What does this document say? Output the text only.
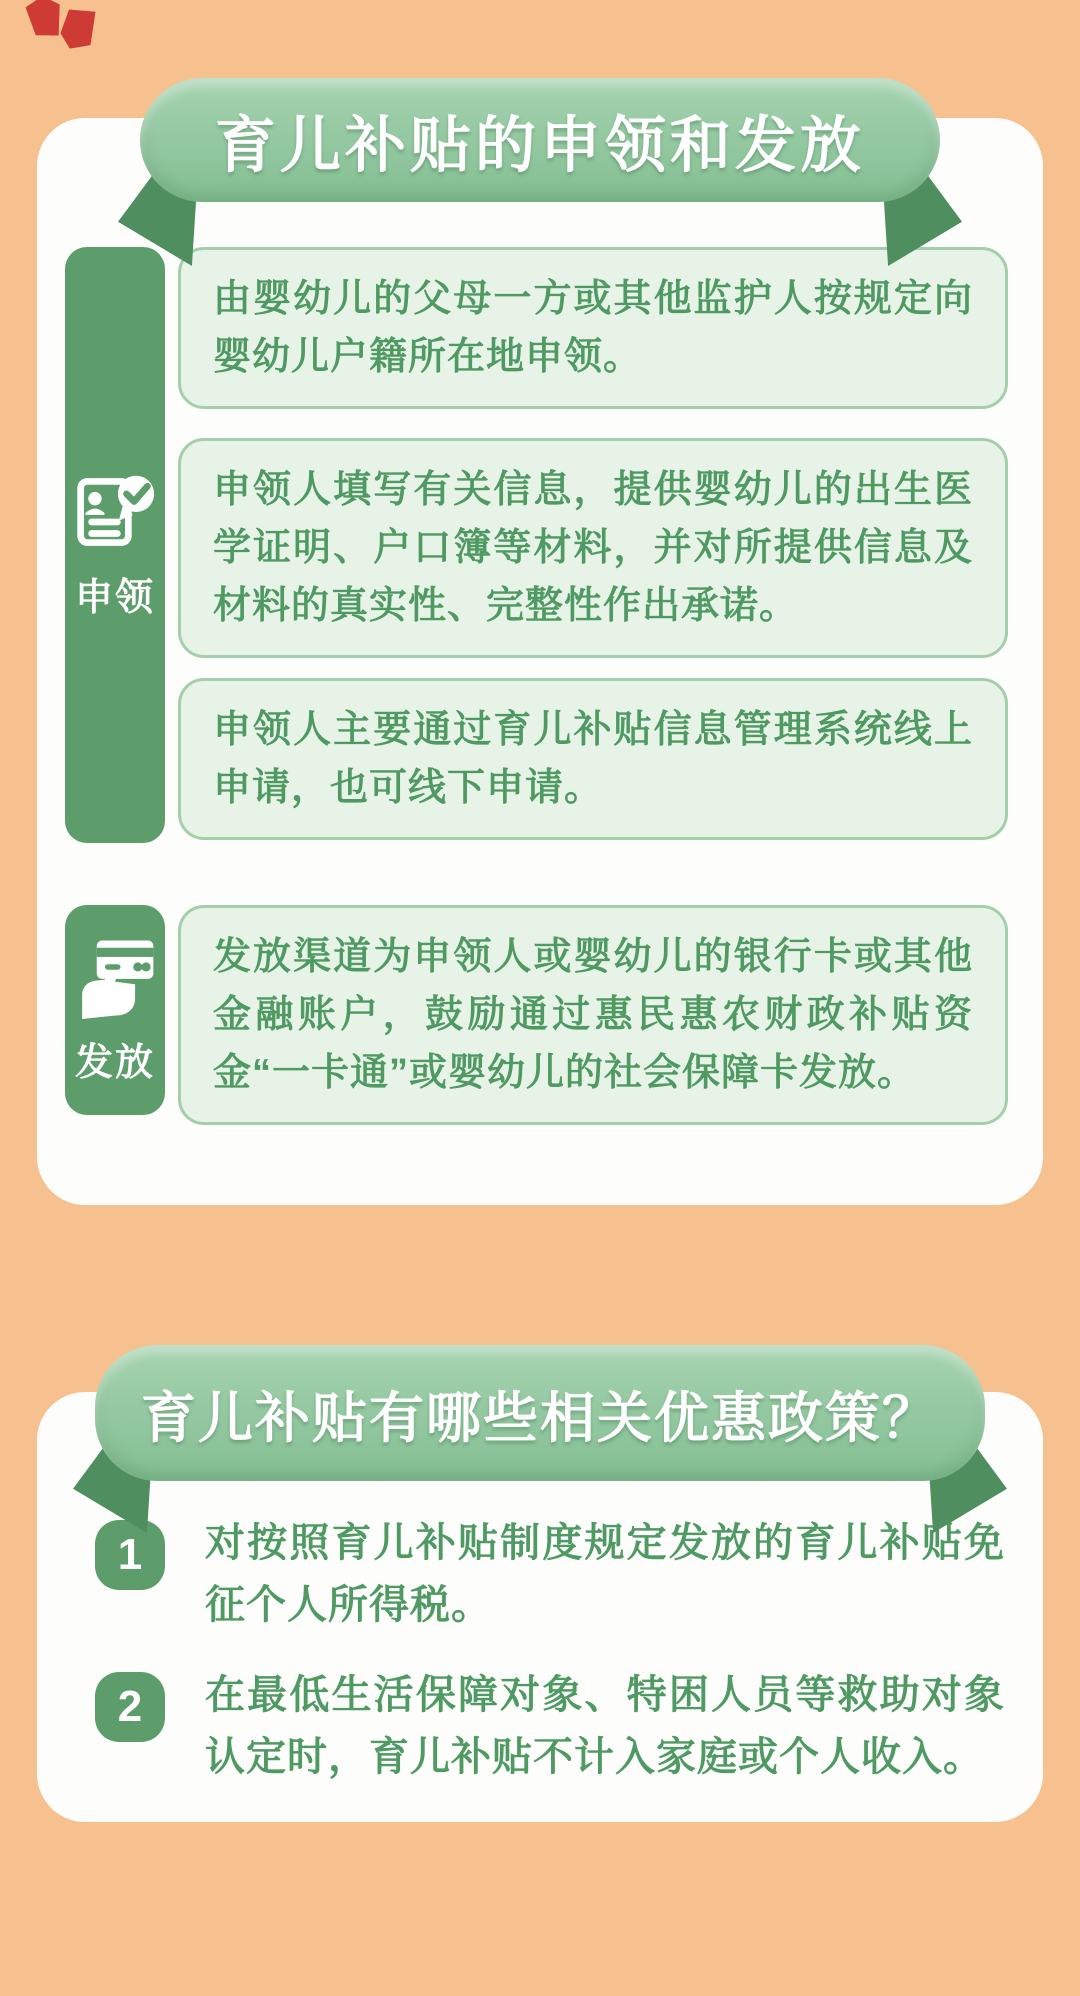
申领

由婴幼儿的父母一方或其他监护人按规定向婴幼儿户籍所在地申领。

申领人填写有关信息，提供婴幼儿的出生医学证明、户口簿等材料，并对所提供信息及材料的真实性、完整性作出承诺。

申领人主要通过育儿补贴信息管理系统线上申请，也可线下申请。

发放

发放渠道为申领人或婴幼儿的银行卡或其他金融账户，鼓励通过惠民惠农财政补贴资金“一卡通”或婴幼儿的社会保障卡发放。

育儿补贴的申领和发放
1	对按照育儿补贴制度规定发放的育儿补贴免征个人所得税。

2	在最低生活保障对象、特困人员等救助对象认定时，育儿补贴不计入家庭或个人收入。

育儿补贴有哪些相关优惠政策？
